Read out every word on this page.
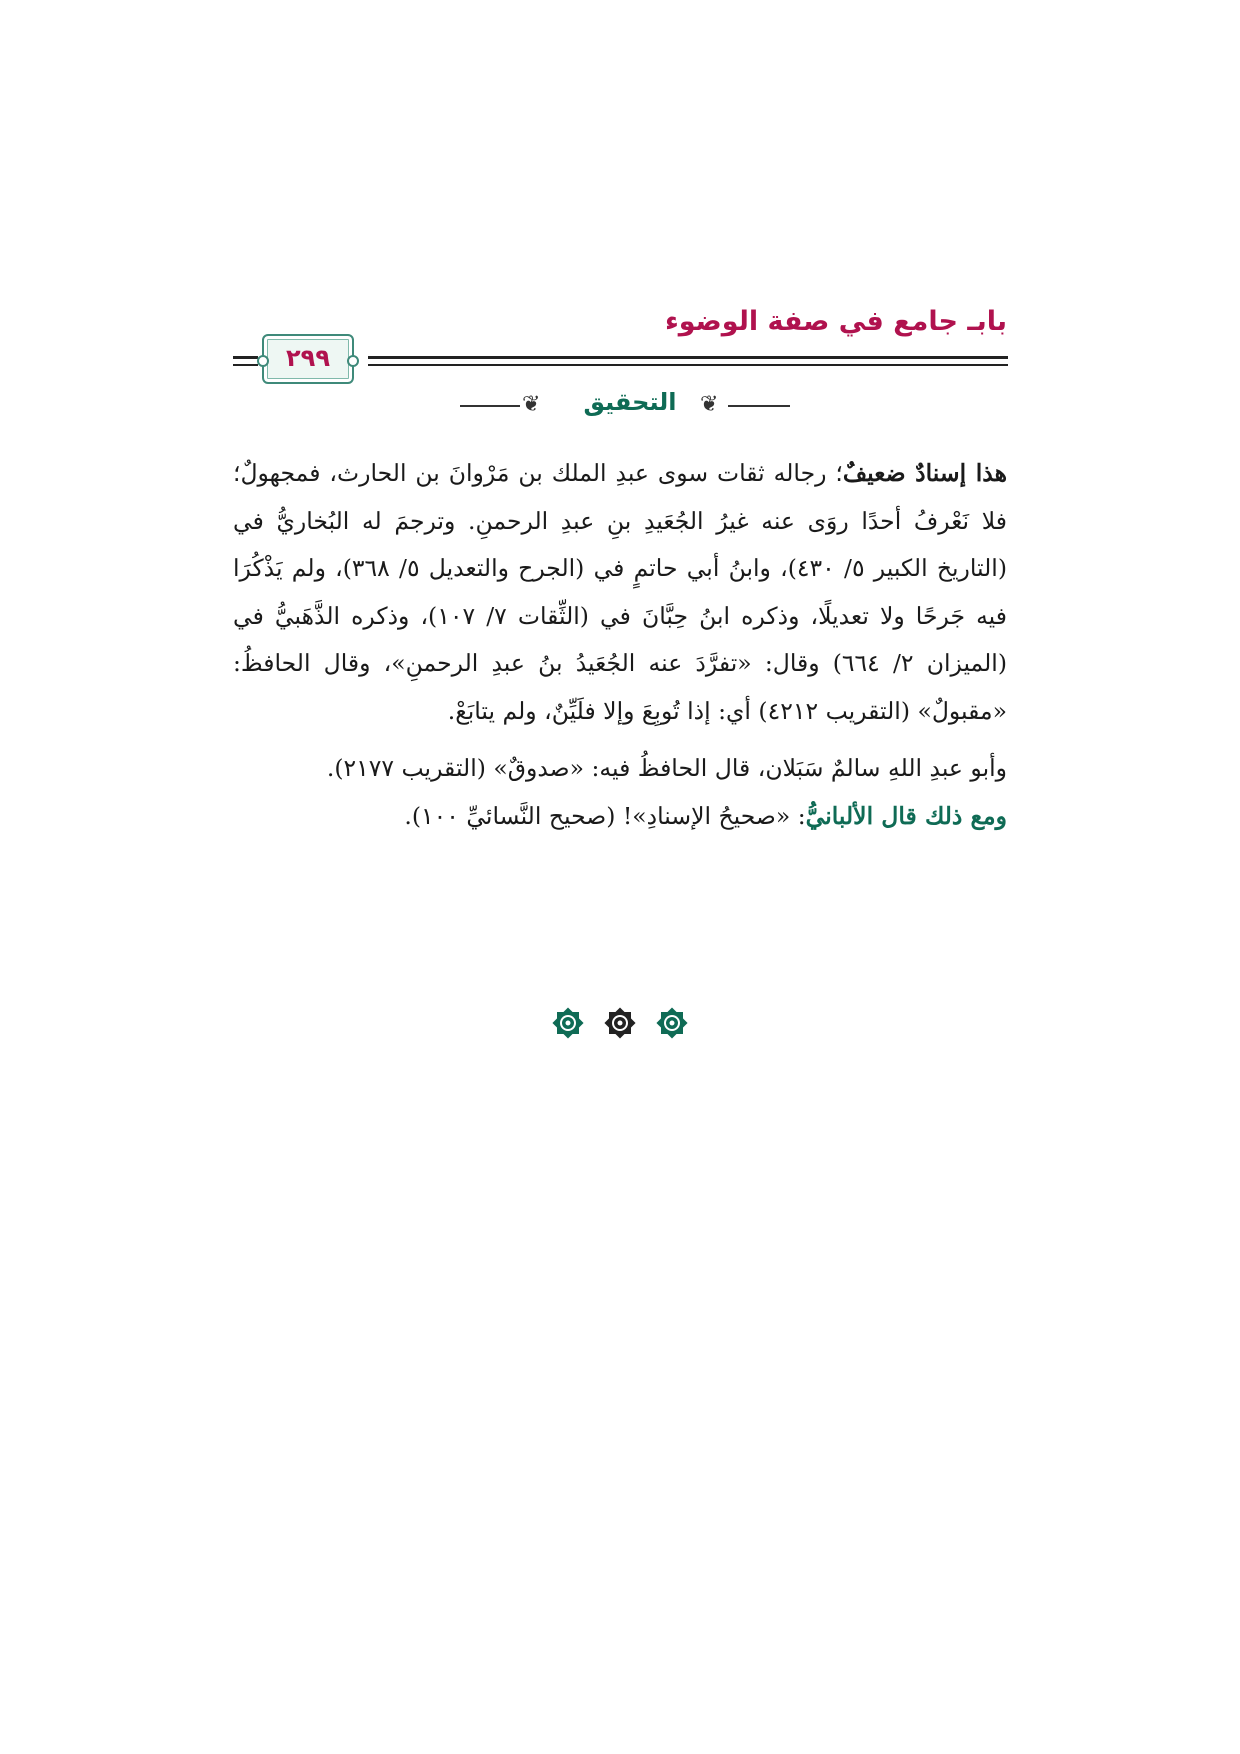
بابـ جامع في صفة الوضوء
٢٩٩
❦	التحقيق	❦

هذا إسنادٌ ضعيفٌ؛ رجاله ثقات سوى عبدِ الملك بن مَرْوانَ بن الحارث، فمجهولٌ؛ فلا نَعْرفُ أحدًا روَى عنه غيرُ الجُعَيدِ بنِ عبدِ الرحمنِ. وترجمَ له البُخاريُّ في (التاريخ الكبير ٥/ ٤٣٠)، وابنُ أبي حاتمٍ في (الجرح والتعديل ٥/ ٣٦٨)، ولم يَذْكُرَا فيه جَرحًا ولا تعديلًا، وذكره ابنُ حِبَّانَ في (الثِّقات ٧/ ١٠٧)، وذكره الذَّهَبيُّ في (الميزان ٢/ ٦٦٤) وقال: «تفرَّدَ عنه الجُعَيدُ بنُ عبدِ الرحمنِ»، وقال الحافظُ: «مقبولٌ» (التقريب ٤٢١٢) أي: إذا تُوبِعَ وإلا فلَيِّنٌ، ولم يتابَعْ.

وأبو عبدِ اللهِ سالمٌ سَبَلان، قال الحافظُ فيه: «صدوقٌ» (التقريب ٢١٧٧).

ومع ذلك قال الألبانيُّ: «صحيحُ الإسنادِ»! (صحيح النَّسائيِّ ١٠٠).
